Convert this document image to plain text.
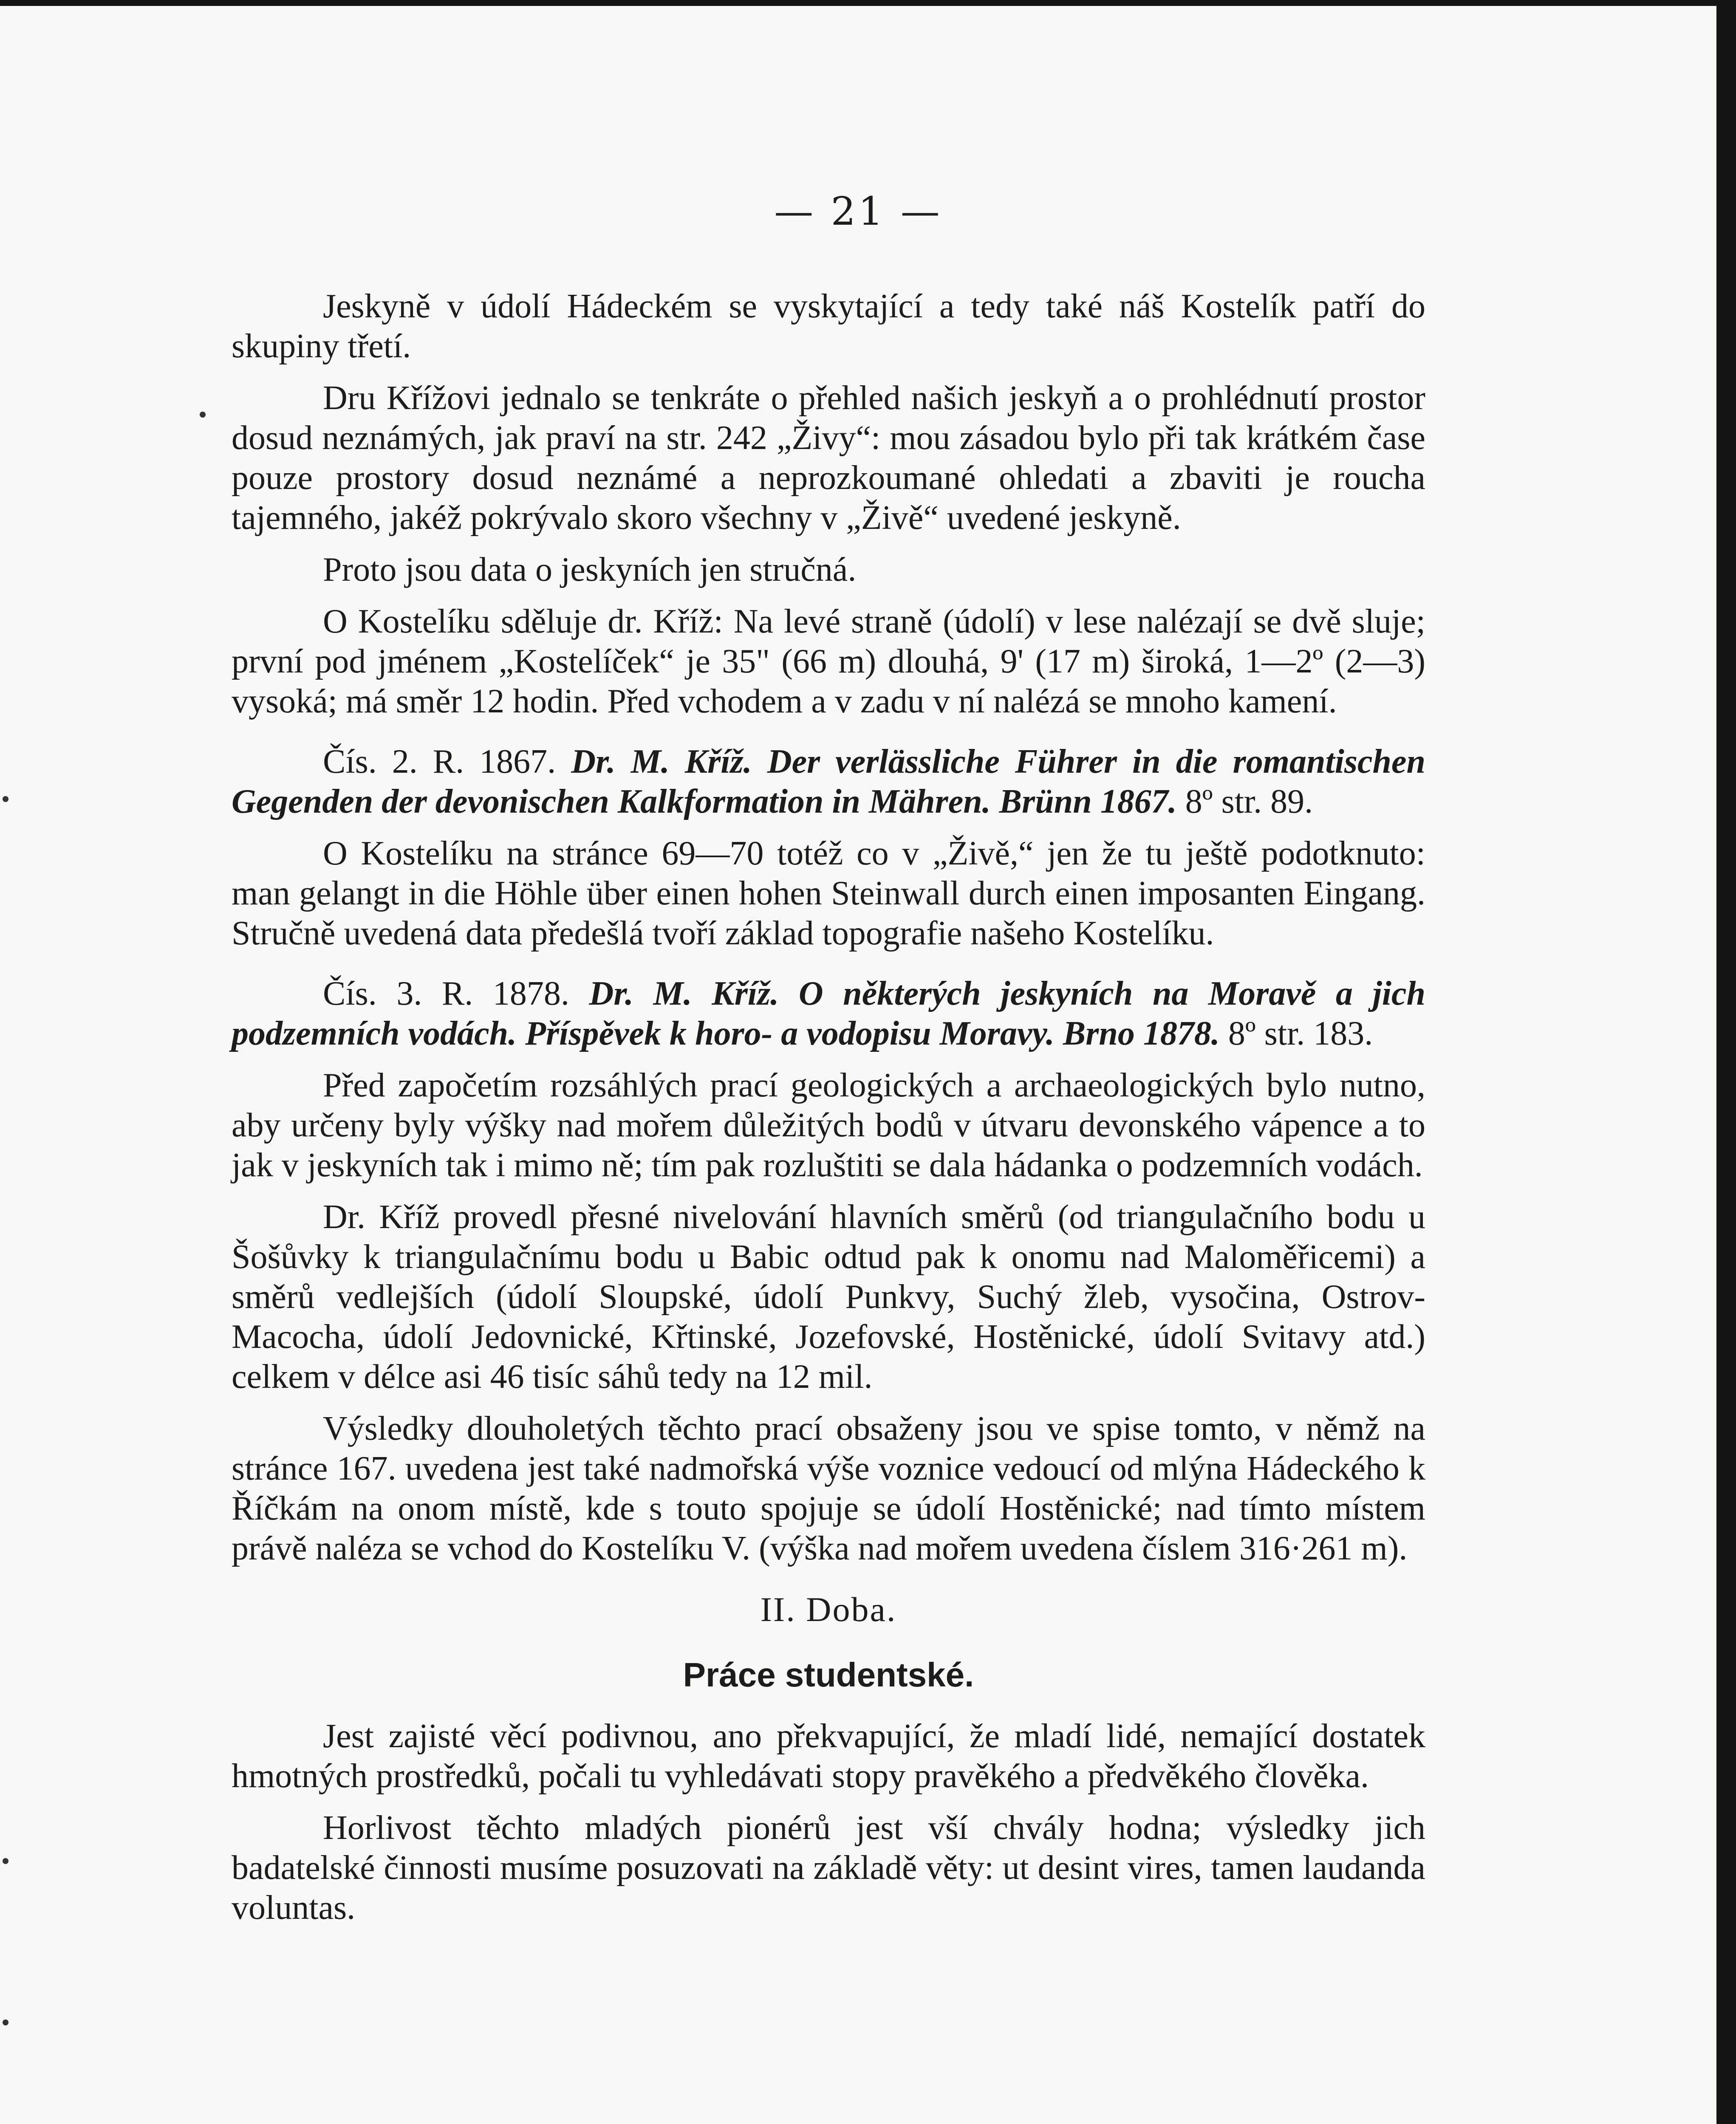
— 21 —

Jeskyně v údolí Hádeckém se vyskytající a tedy také náš Kostelík patří do skupiny třetí.

Dru Křížovi jednalo se tenkráte o přehled našich jeskyň a o prohlédnutí prostor dosud neznámých, jak praví na str. 242 „Živy“: mou zásadou bylo při tak krátkém čase pouze prostory dosud neznámé a neprozkoumané ohledati a zbaviti je roucha tajemného, jakéž pokrývalo skoro všechny v „Živě“ uvedené jeskyně.

Proto jsou data o jeskyních jen stručná.

O Kostelíku sděluje dr. Kříž: Na levé straně (údolí) v lese nalézají se dvě sluje; první pod jménem „Kostelíček“ je 35" (66 m) dlouhá, 9' (17 m) široká, 1—2º (2—3) vysoká; má směr 12 hodin. Před vchodem a v zadu v ní nalézá se mnoho kamení.

Čís. 2. R. 1867. Dr. M. Kříž. Der verlässliche Führer in die romantischen Gegenden der devonischen Kalkformation in Mähren. Brünn 1867. 8º str. 89.

O Kostelíku na stránce 69—70 totéž co v „Živě,“ jen že tu ještě podotknuto: man gelangt in die Höhle über einen hohen Steinwall durch einen imposanten Eingang. Stručně uvedená data předešlá tvoří základ topografie našeho Kostelíku.

Čís. 3. R. 1878. Dr. M. Kříž. O některých jeskyních na Moravě a jich podzemních vodách. Příspěvek k horo- a vodopisu Moravy. Brno 1878. 8º str. 183.

Před započetím rozsáhlých prací geologických a archaeologických bylo nutno, aby určeny byly výšky nad mořem důležitých bodů v útvaru devonského vápence a to jak v jeskyních tak i mimo ně; tím pak rozluštiti se dala hádanka o podzemních vodách.

Dr. Kříž provedl přesné nivelování hlavních směrů (od triangulačního bodu u Šošůvky k triangulačnímu bodu u Babic odtud pak k onomu nad Maloměřicemi) a směrů vedlejších (údolí Sloupské, údolí Punkvy, Suchý žleb, vysočina, Ostrov-Macocha, údolí Jedovnické, Křtinské, Jozefovské, Hostěnické, údolí Svitavy atd.) celkem v délce asi 46 tisíc sáhů tedy na 12 mil.

Výsledky dlouholetých těchto prací obsaženy jsou ve spise tomto, v němž na stránce 167. uvedena jest také nadmořská výše voznice vedoucí od mlýna Hádeckého k Říčkám na onom místě, kde s touto spojuje se údolí Hostěnické; nad tímto místem právě naléza se vchod do Kostelíku V. (výška nad mořem uvedena číslem 316·261 m).

II. Doba.
Práce studentské.

Jest zajisté věcí podivnou, ano překvapující, že mladí lidé, nemající dostatek hmotných prostředků, počali tu vyhledávati stopy pravěkého a předvěkého člověka.

Horlivost těchto mladých pionérů jest vší chvály hodna; výsledky jich badatelské činnosti musíme posuzovati na základě věty: ut desint vires, tamen laudanda voluntas.
